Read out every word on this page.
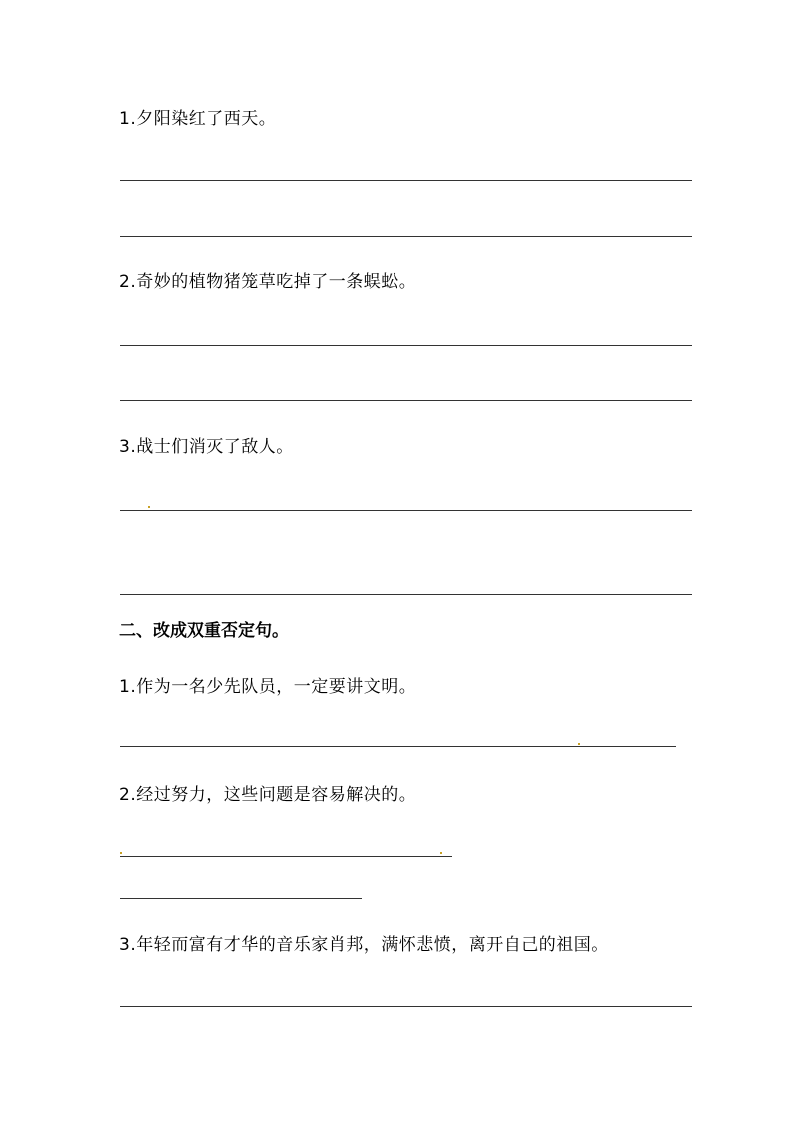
1.夕阳染红了西天。
2.奇妙的植物猪笼草吃掉了一条蜈蚣。
3.战士们消灭了敌人。
二、改成双重否定句。
1.作为一名少先队员，一定要讲文明。
2.经过努力，这些问题是容易解决的。
3.年轻而富有才华的音乐家肖邦，满怀悲愤，离开自己的祖国。
